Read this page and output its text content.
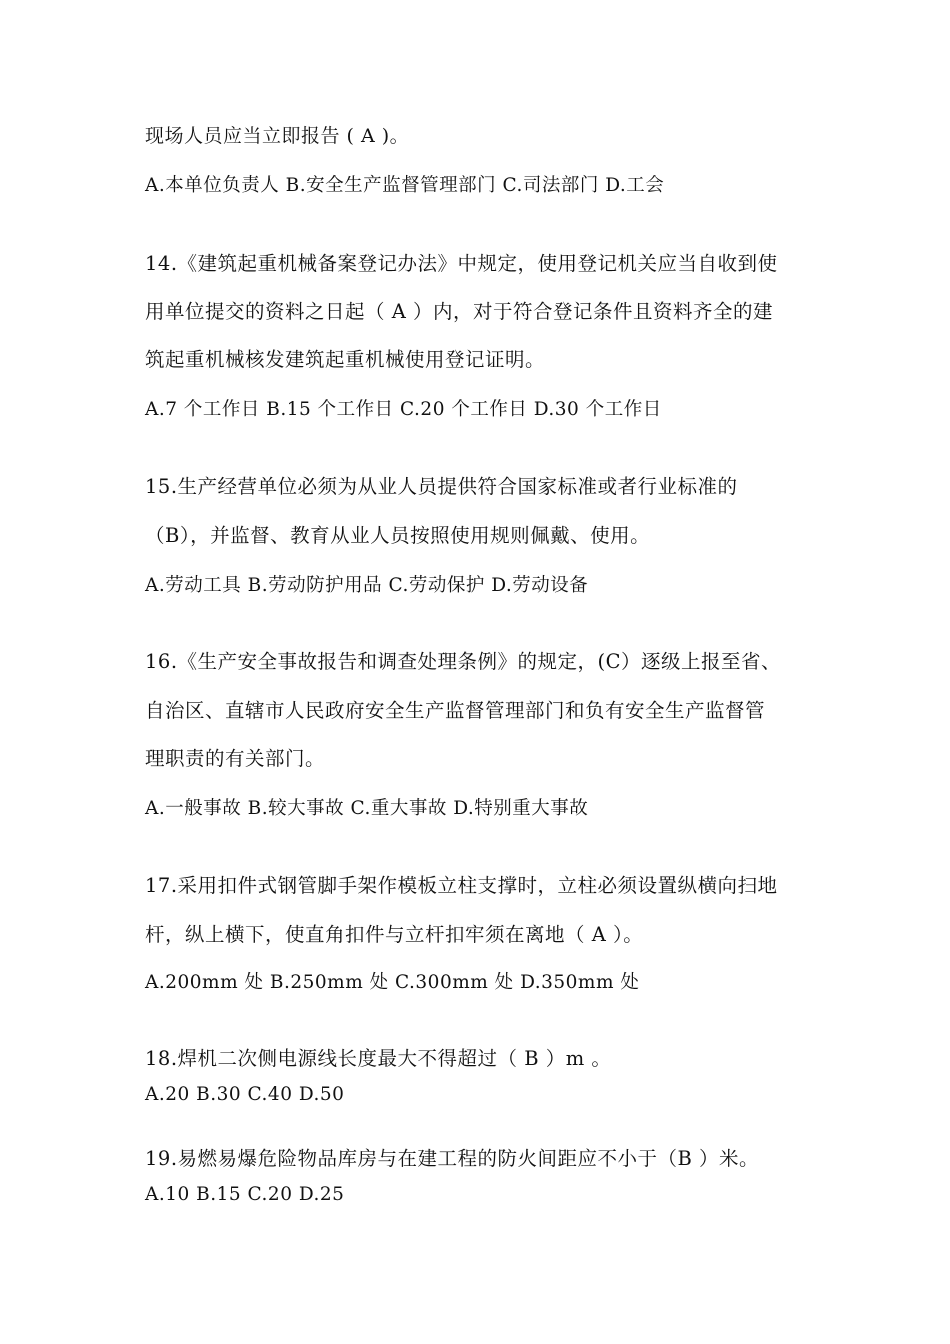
现场人员应当立即报告 ( A )。
A.本单位负责人 B.安全生产监督管理部门 C.司法部门 D.工会
14.《建筑起重机械备案登记办法》中规定，使用登记机关应当自收到使
用单位提交的资料之日起（ A ）内，对于符合登记条件且资料齐全的建
筑起重机械核发建筑起重机械使用登记证明。
A.7 个工作日 B.15 个工作日 C.20 个工作日 D.30 个工作日
15.生产经营单位必须为从业人员提供符合国家标准或者行业标准的
（B），并监督、教育从业人员按照使用规则佩戴、使用。
A.劳动工具 B.劳动防护用品 C.劳动保护 D.劳动设备
16.《生产安全事故报告和调查处理条例》的规定，(C）逐级上报至省、
自治区、直辖市人民政府安全生产监督管理部门和负有安全生产监督管
理职责的有关部门。
A.一般事故 B.较大事故 C.重大事故 D.特别重大事故
17.采用扣件式钢管脚手架作模板立柱支撑时，立柱必须设置纵横向扫地
杆，纵上横下，使直角扣件与立杆扣牢须在离地（ A ）。
A.200mm 处 B.250mm 处 C.300mm 处 D.350mm 处
18.焊机二次侧电源线长度最大不得超过（ B ）m 。
A.20 B.30 C.40 D.50
19.易燃易爆危险物品库房与在建工程的防火间距应不小于（B ）米。
A.10 B.15 C.20 D.25
